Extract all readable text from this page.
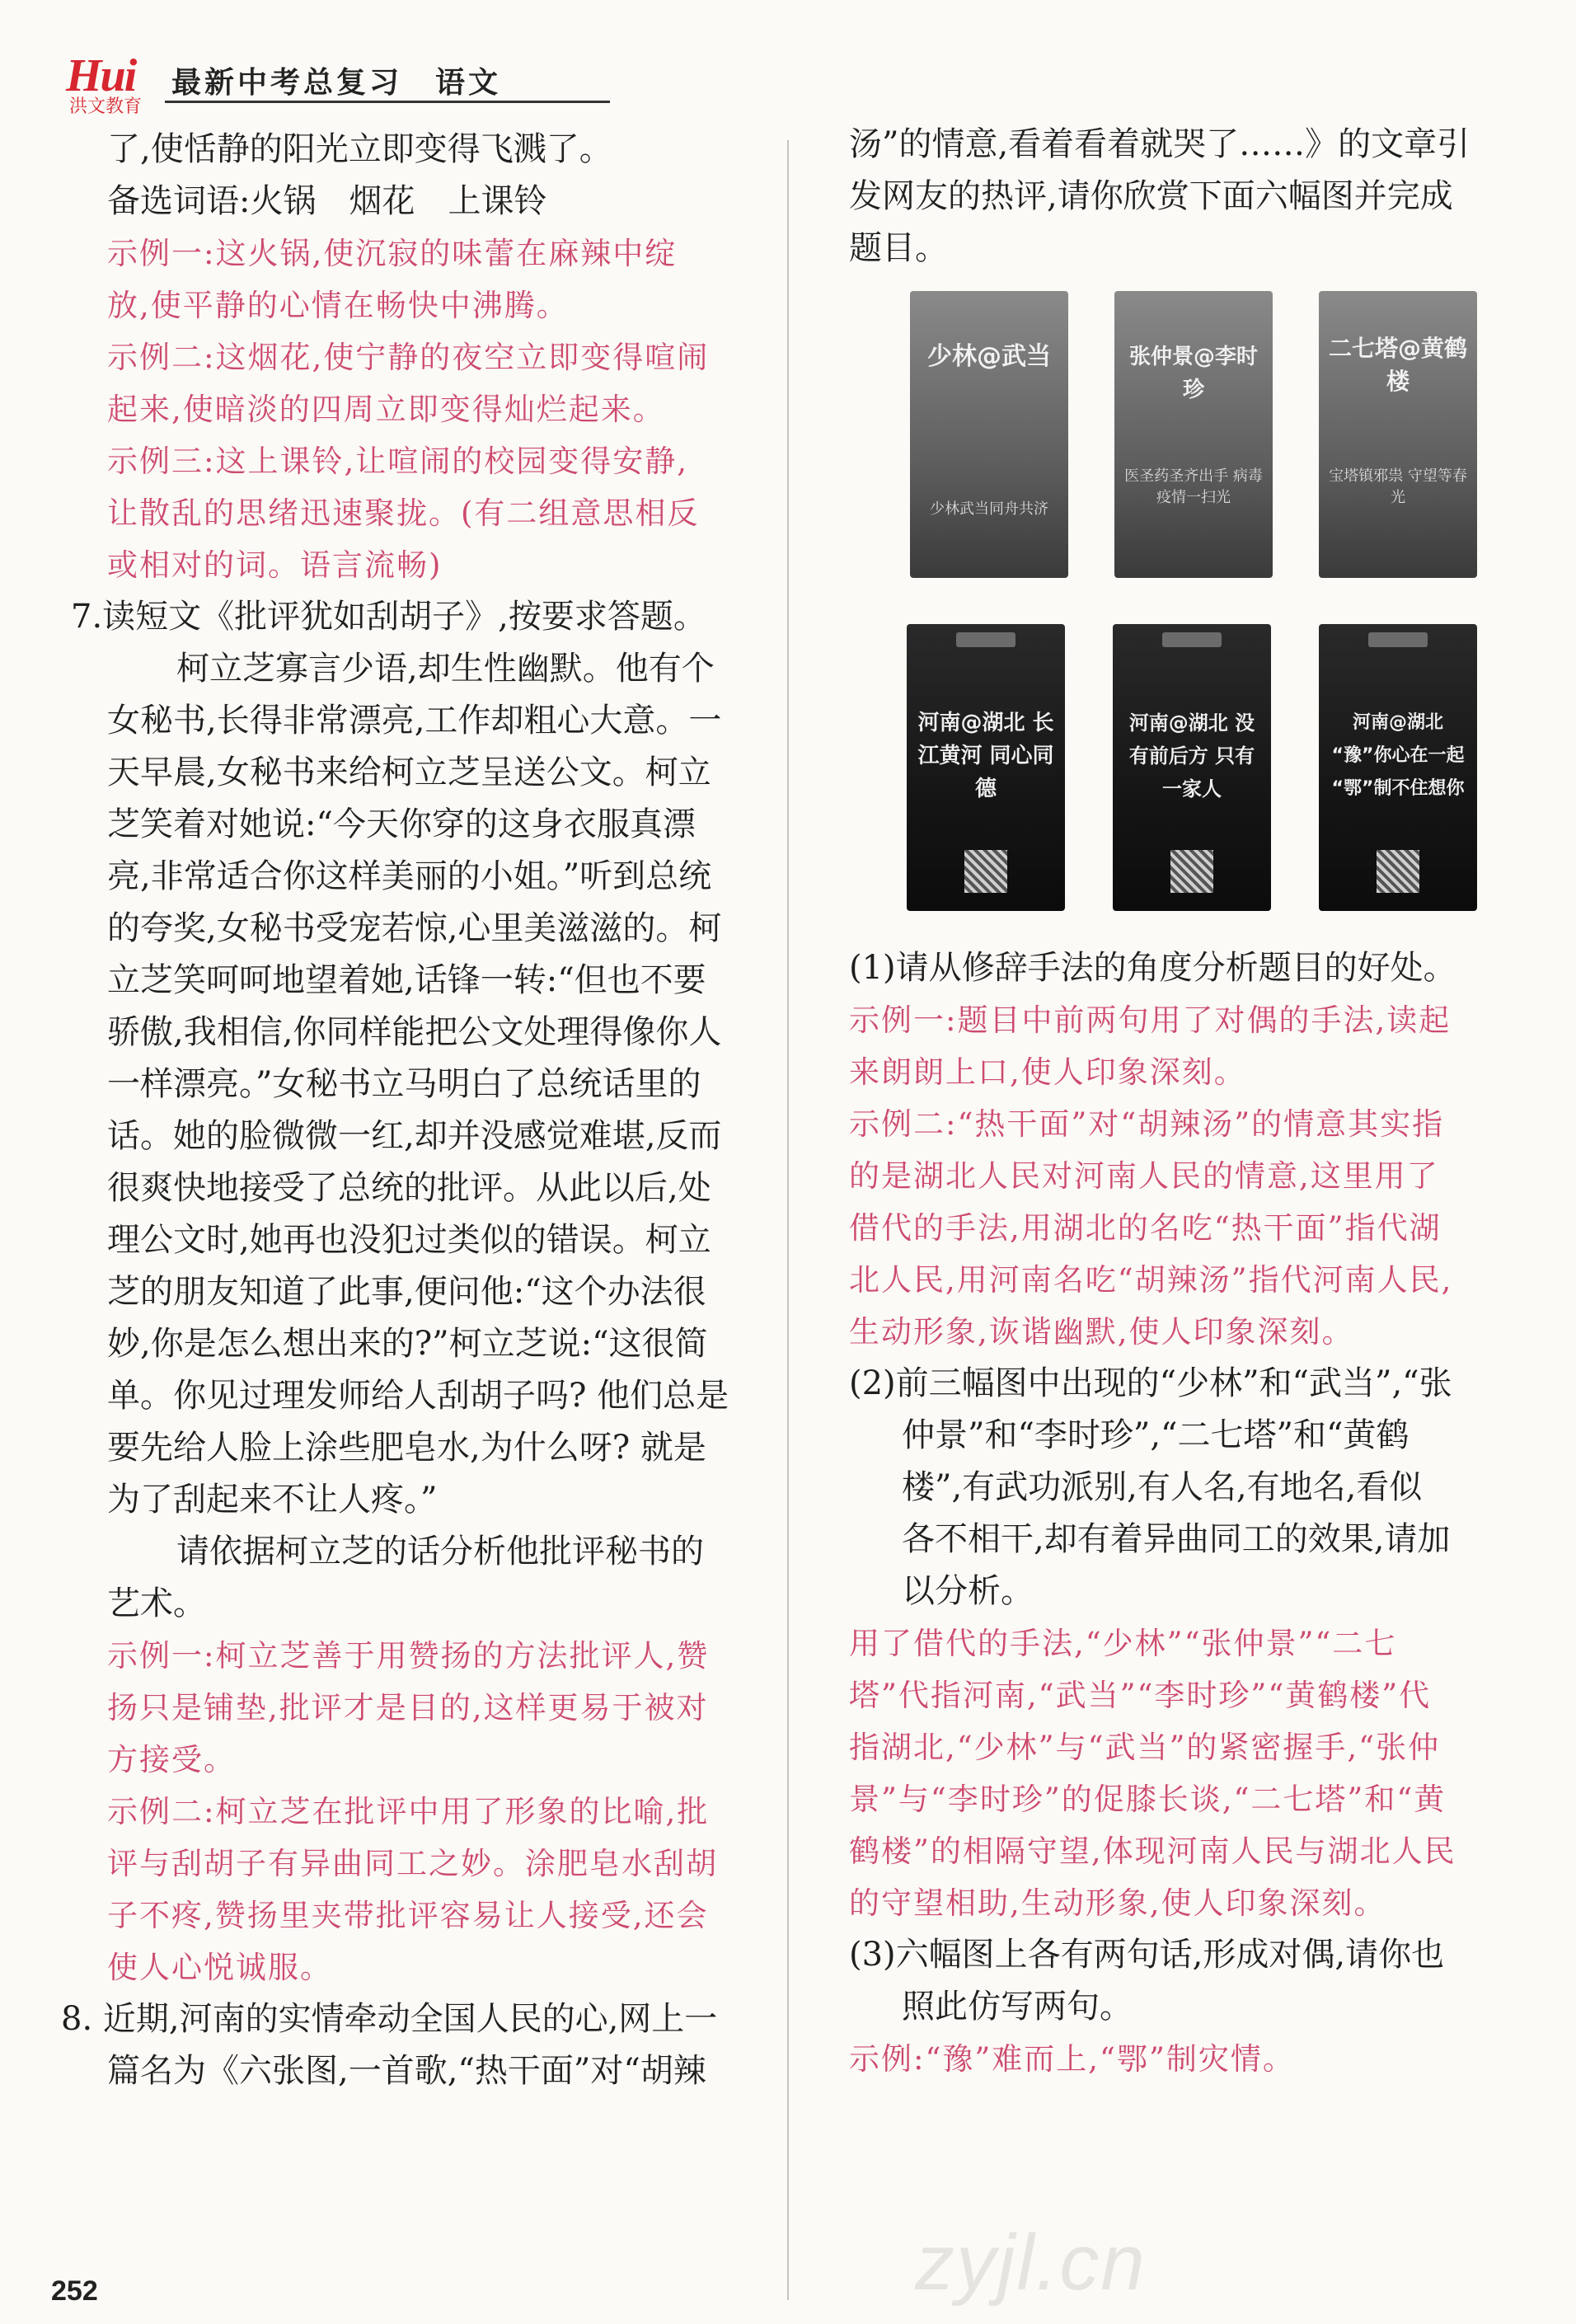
Hui
洪文教育
最新中考总复习　语文
了,使恬静的阳光立即变得飞溅了。
备选词语:火锅　烟花　上课铃
示例一:这火锅,使沉寂的味蕾在麻辣中绽
放,使平静的心情在畅快中沸腾。
示例二:这烟花,使宁静的夜空立即变得喧闹
起来,使暗淡的四周立即变得灿烂起来。
示例三:这上课铃,让喧闹的校园变得安静,
让散乱的思绪迅速聚拢。(有二组意思相反
或相对的词。语言流畅)
7.读短文《批评犹如刮胡子》,按要求答题。
柯立芝寡言少语,却生性幽默。他有个
女秘书,长得非常漂亮,工作却粗心大意。一
天早晨,女秘书来给柯立芝呈送公文。柯立
芝笑着对她说:“今天你穿的这身衣服真漂
亮,非常适合你这样美丽的小姐。”听到总统
的夸奖,女秘书受宠若惊,心里美滋滋的。柯
立芝笑呵呵地望着她,话锋一转:“但也不要
骄傲,我相信,你同样能把公文处理得像你人
一样漂亮。”女秘书立马明白了总统话里的
话。她的脸微微一红,却并没感觉难堪,反而
很爽快地接受了总统的批评。从此以后,处
理公文时,她再也没犯过类似的错误。柯立
芝的朋友知道了此事,便问他:“这个办法很
妙,你是怎么想出来的?”柯立芝说:“这很简
单。你见过理发师给人刮胡子吗? 他们总是
要先给人脸上涂些肥皂水,为什么呀? 就是
为了刮起来不让人疼。”
请依据柯立芝的话分析他批评秘书的
艺术。
示例一:柯立芝善于用赞扬的方法批评人,赞
扬只是铺垫,批评才是目的,这样更易于被对
方接受。
示例二:柯立芝在批评中用了形象的比喻,批
评与刮胡子有异曲同工之妙。涂肥皂水刮胡
子不疼,赞扬里夹带批评容易让人接受,还会
使人心悦诚服。
8. 近期,河南的实情牵动全国人民的心,网上一
篇名为《六张图,一首歌,“热干面”对“胡辣
汤”的情意,看着看着就哭了……》的文章引
发网友的热评,请你欣赏下面六幅图并完成
题目。
少林@武当
少林武当同舟共济
张仲景@李时珍
医圣药圣齐出手 病毒疫情一扫光
二七塔@黄鹤楼
宝塔镇邪祟 守望等春光
河南@湖北 长江黄河 同心同德
河南@湖北 没有前后方 只有一家人
河南@湖北 “豫”你心在一起 “鄂”制不住想你
(1)请从修辞手法的角度分析题目的好处。
示例一:题目中前两句用了对偶的手法,读起
来朗朗上口,使人印象深刻。
示例二:“热干面”对“胡辣汤”的情意其实指
的是湖北人民对河南人民的情意,这里用了
借代的手法,用湖北的名吃“热干面”指代湖
北人民,用河南名吃“胡辣汤”指代河南人民,
生动形象,诙谐幽默,使人印象深刻。
(2)前三幅图中出现的“少林”和“武当”,“张
仲景”和“李时珍”,“二七塔”和“黄鹤
楼”,有武功派别,有人名,有地名,看似
各不相干,却有着异曲同工的效果,请加
以分析。
用了借代的手法,“少林”“张仲景”“二七
塔”代指河南,“武当”“李时珍”“黄鹤楼”代
指湖北,“少林”与“武当”的紧密握手,“张仲
景”与“李时珍”的促膝长谈,“二七塔”和“黄
鹤楼”的相隔守望,体现河南人民与湖北人民
的守望相助,生动形象,使人印象深刻。
(3)六幅图上各有两句话,形成对偶,请你也
照此仿写两句。
示例:“豫”难而上,“鄂”制灾情。
zyjl.cn
252
